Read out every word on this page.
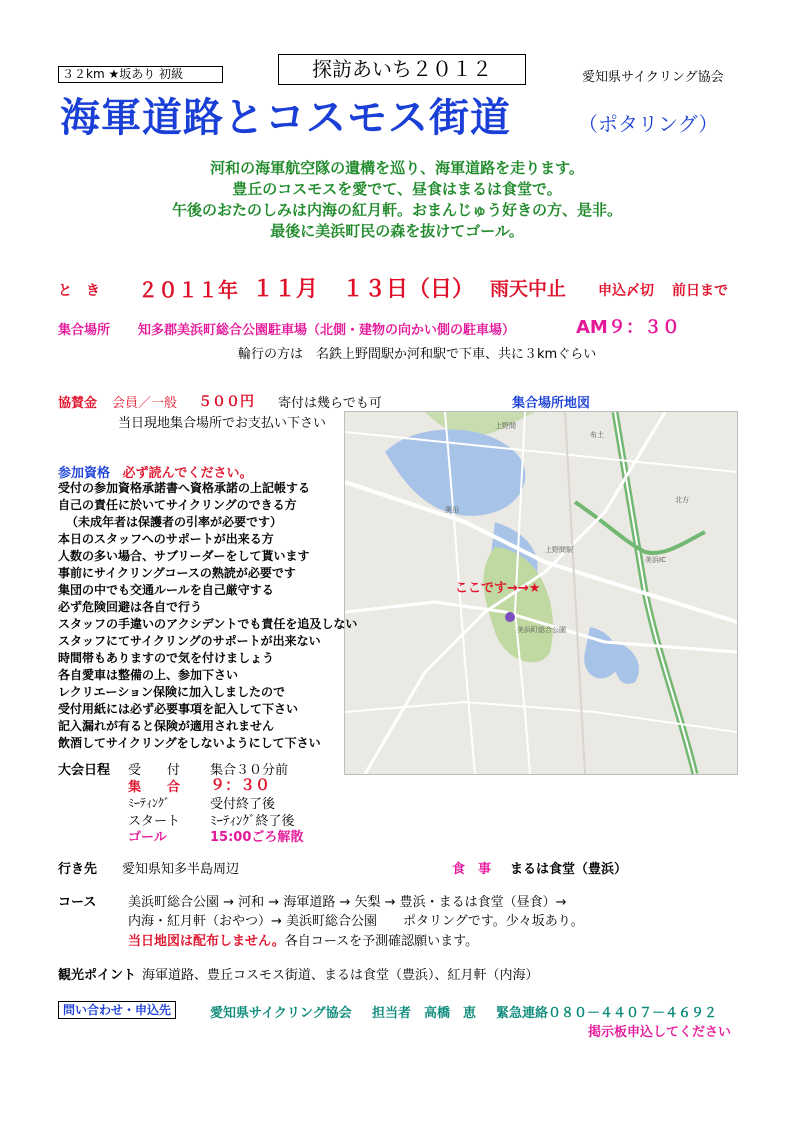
３２km ★坂あり 初級	探訪あいち２０１２	愛知県サイクリング協会
海軍道路とコスモス街道	（ポタリング）
河和の海軍航空隊の遺構を巡り、海軍道路を走ります。
豊丘のコスモスを愛でて、昼食はまるは食堂で。
午後のおたのしみは内海の紅月軒。おまんじゅう好きの方、是非。
最後に美浜町民の森を抜けてゴール。
と　き ２０１１年 １１月 １３日（日） 雨天中止 申込〆切 前日まで
集合場所 知多郡美浜町総合公園駐車場（北側・建物の向かい側の駐車場）	AM９：３０
輪行の方は　名鉄上野間駅か河和駅で下車、共に３kmぐらい
協賛金 会員／一般 ５００円 寄付は幾らでも可
当日現地集合場所でお支払い下さい
集合場所地図
上野間
美浜町総合公園
北方
布土
美浜IC
奥田
上野間駅
ここです→→★
参加資格 必ず読んでください。
受付の参加資格承諾書へ資格承諾の上記帳する
自己の責任に於いてサイクリングのできる方
（未成年者は保護者の引率が必要です）
本日のスタッフへのサポートが出来る方
人数の多い場合、サブリーダーをして貰います
事前にサイクリングコースの熟読が必要です
集団の中でも交通ルールを自己厳守する
必ず危険回避は各自で行う
スタッフの手違いのアクシデントでも責任を追及しない
スタッフにてサイクリングのサポートが出来ない
時間帯もありますので気を付けましょう
各自愛車は整備の上、参加下さい
レクリエーション保険に加入しましたので
受付用紙には必ず必要事項を記入して下さい
記入漏れが有ると保険が適用されません
飲酒してサイクリングをしないようにして下さい
大会日程 受　　付 集合３０分前
集　　合 ９：３０
ﾐｰﾃｨﾝｸﾞ	受付終了後
スタート ﾐｰﾃｨﾝｸﾞ終了後
ゴール	15:00ごろ解散
行き先 愛知県知多半島周辺	食　事 まるは食堂（豊浜）
コース 美浜町総合公園 → 河和 → 海軍道路 → 矢梨 → 豊浜・まるは食堂（昼食）→
内海・紅月軒（おやつ）→ 美浜町総合公園　　ポタリングです。少々坂あり。
当日地図は配布しません。各自コースを予測確認願います。
観光ポイント 海軍道路、豊丘コスモス街道、まるは食堂（豊浜）、紅月軒（内海）
問い合わせ・申込先	愛知県サイクリング協会 担当者 高橋　恵 緊急連絡０８０－４４０７－４６９２
掲示板申込してください
